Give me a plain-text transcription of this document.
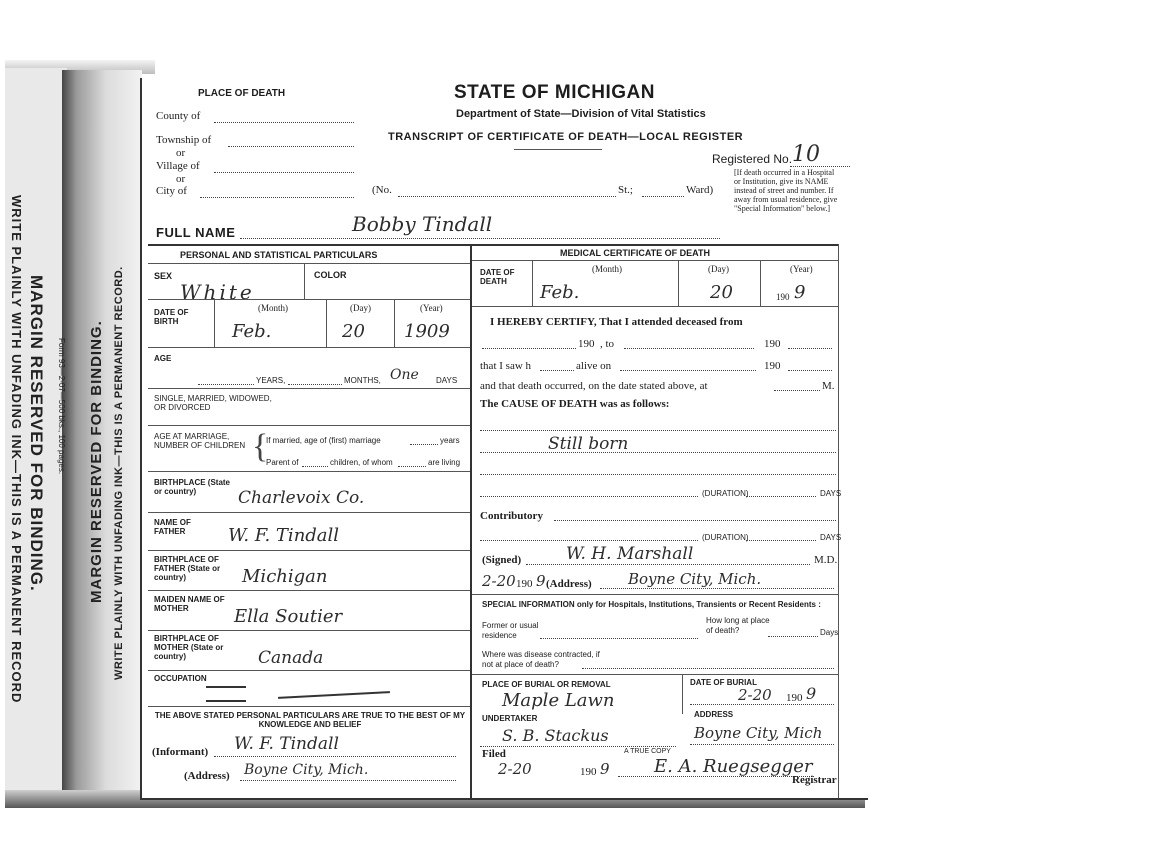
MARGIN RESERVED FOR BINDING.
WRITE PLAINLY WITH UNFADING INK—THIS IS A PERMANENT RECORD	Form 93—2-07—500 bks., 100 pages. MARGIN RESERVED FOR BINDING. WRITE PLAINLY WITH UNFADING INK—THIS IS A PERMANENT RECORD.
PLACE OF DEATH	STATE OF MICHIGAN
County of	Department of State—Division of Vital Statistics
Township of	TRANSCRIPT OF CERTIFICATE OF DEATH—LOCAL REGISTER
or
Village of
or
Registered No. 10
City of	(No.	St.;	Ward)
[If death occurred in a Hospital or Institution, give its NAME instead of street and number. If away from usual residence, give "Special Information" below.]
FULL NAME	Bobby Tindall
PERSONAL AND STATISTICAL PARTICULARS
SEX
White
COLOR
DATE OF BIRTH
(Month)	(Day)	(Year)
Feb.	20 1909
AGE
YEARS,	MONTHS, One DAYS
SINGLE, MARRIED, WIDOWED, OR DIVORCED
AGE AT MARRIAGE, NUMBER OF CHILDREN {
If married, age of (first) marriage	years
Parent of	children, of whom	are living
BIRTHPLACE (State or country)	Charlevoix Co.
NAME OF FATHER	W. F. Tindall
BIRTHPLACE OF FATHER (State or country)	Michigan
MAIDEN NAME OF MOTHER	Ella Soutier
BIRTHPLACE OF MOTHER (State or country)	Canada
OCCUPATION
THE ABOVE STATED PERSONAL PARTICULARS ARE TRUE TO THE BEST OF MY KNOWLEDGE AND BELIEF
(Informant) W. F. Tindall
(Address) Boyne City, Mich.
MEDICAL CERTIFICATE OF DEATH
DATE OF DEATH
(Month)	(Day)	(Year)
Feb.	20	190 9
I HEREBY CERTIFY, That I attended deceased from
190 , to	190
that I saw h	alive on	190
and that death occurred, on the date stated above, at	M.
The CAUSE OF DEATH was as follows:
Still born
(DURATION)	DAYS
Contributory
(DURATION)	DAYS
(Signed)	W. H. Marshall	M.D.
2-20 190 9 (Address) Boyne City, Mich.
SPECIAL INFORMATION only for Hospitals, Institutions, Transients or Recent Residents :
Former or usual residence
How long at place of death?	Days
Where was disease contracted, if not at place of death?
PLACE OF BURIAL OR REMOVAL
Maple Lawn
DATE OF BURIAL
2-20 190 9
UNDERTAKER
S. B. Stackus
ADDRESS
Boyne City, Mich
Filed
2-20	190 9
A TRUE COPY
E. A. Ruegsegger
Registrar
